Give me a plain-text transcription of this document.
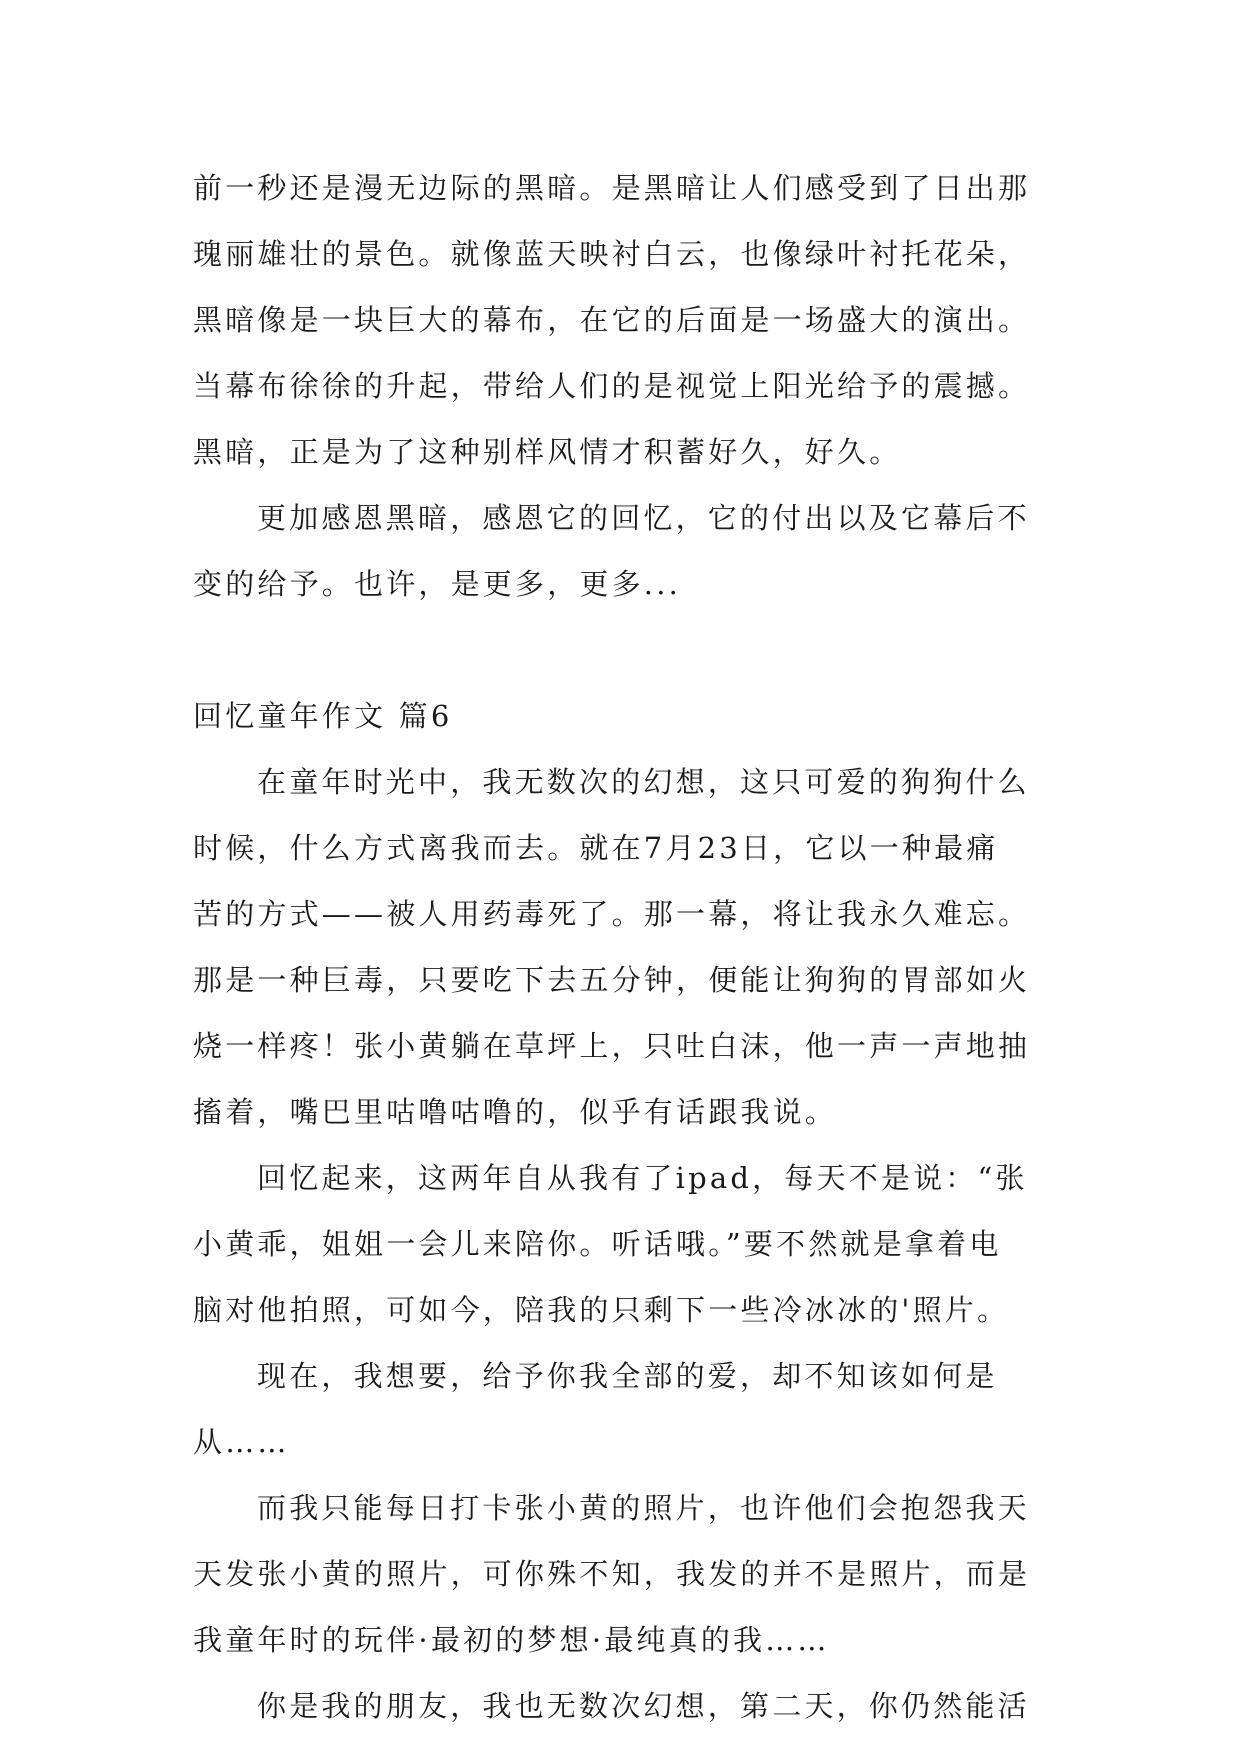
前一秒还是漫无边际的黑暗。是黑暗让人们感受到了日出那
瑰丽雄壮的景色。就像蓝天映衬白云，也像绿叶衬托花朵，
黑暗像是一块巨大的幕布，在它的后面是一场盛大的演出。
当幕布徐徐的升起，带给人们的是视觉上阳光给予的震撼。
黑暗，正是为了这种别样风情才积蓄好久，好久。
更加感恩黑暗，感恩它的回忆，它的付出以及它幕后不
变的给予。也许，是更多，更多...
回忆童年作文 篇6
在童年时光中，我无数次的幻想，这只可爱的狗狗什么
时候，什么方式离我而去。就在7月23日，它以一种最痛
苦的方式——被人用药毒死了。那一幕，将让我永久难忘。
那是一种巨毒，只要吃下去五分钟，便能让狗狗的胃部如火
烧一样疼！张小黄躺在草坪上，只吐白沫，他一声一声地抽
搐着，嘴巴里咕噜咕噜的，似乎有话跟我说。
回忆起来，这两年自从我有了ipad，每天不是说：“张
小黄乖，姐姐一会儿来陪你。听话哦。”要不然就是拿着电
脑对他拍照，可如今，陪我的只剩下一些冷冰冰的'照片。
现在，我想要，给予你我全部的爱，却不知该如何是
从……
而我只能每日打卡张小黄的照片，也许他们会抱怨我天
天发张小黄的照片，可你殊不知，我发的并不是照片，而是
我童年时的玩伴·最初的梦想·最纯真的我……
你是我的朋友，我也无数次幻想，第二天，你仍然能活
